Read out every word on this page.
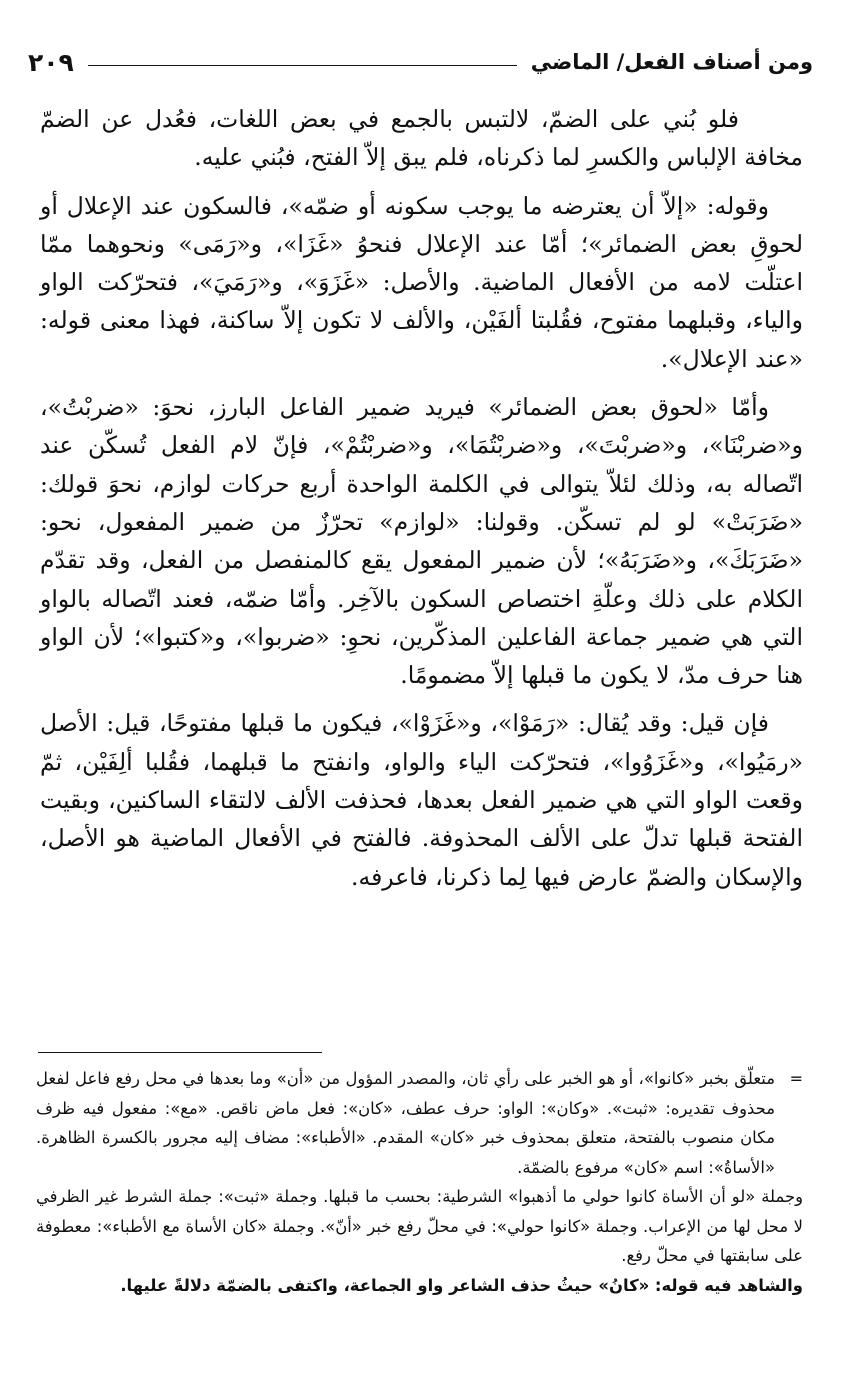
ومن أصناف الفعل/ الماضي
٢٠٩

فلو بُني على الضمّ، لالتبس بالجمع في بعض اللغات، فعُدل عن الضمّ مخافة الإلباس والكسرِ لما ذكرناه، فلم يبق إلاّ الفتح، فبُني عليه.

وقوله: «إلاّ أن يعترضه ما يوجب سكونه أو ضمّه»، فالسكون عند الإعلال أو لحوقِ بعض الضمائر»؛ أمّا عند الإعلال فنحوُ «غَزَا»، و«رَمَى» ونحوهما ممّا اعتلّت لامه من الأفعال الماضية. والأصل: «غَزَوَ»، و«رَمَيَ»، فتحرّكت الواو والياء، وقبلهما مفتوح، فقُلبتا ألفَيْن، والألف لا تكون إلاّ ساكنة، فهذا معنى قوله: «عند الإعلال».

وأمّا «لحوق بعض الضمائر» فيريد ضمير الفاعل البارز، نحوَ: «ضربْتُ»، و«ضربْنَا»، و«ضربْتَ»، و«ضربْتُمَا»، و«ضربْتُمْ»، فإنّ لام الفعل تُسكّن عند اتّصاله به، وذلك لئلاّ يتوالى في الكلمة الواحدة أربع حركات لوازم، نحوَ قولك: «ضَرَبَتْ» لو لم تسكّن. وقولنا: «لوازم» تحرّزٌ من ضمير المفعول، نحو: «ضَرَبَكَ»، و«ضَرَبَهُ»؛ لأن ضمير المفعول يقع كالمنفصل من الفعل، وقد تقدّم الكلام على ذلك وعلّةِ اختصاص السكون بالآخِر. وأمّا ضمّه، فعند اتّصاله بالواو التي هي ضمير جماعة الفاعلين المذكّرين، نحوِ: «ضربوا»، و«كتبوا»؛ لأن الواو هنا حرف مدّ، لا يكون ما قبلها إلاّ مضمومًا.

فإن قيل: وقد يُقال: «رَمَوْا»، و«غَزَوْا»، فيكون ما قبلها مفتوحًا، قيل: الأصل «رمَيُوا»، و«غَزَوُوا»، فتحرّكت الياء والواو، وانفتح ما قبلهما، فقُلبا ألِفَيْن، ثمّ وقعت الواو التي هي ضمير الفعل بعدها، فحذفت الألف لالتقاء الساكنين، وبقيت الفتحة قبلها تدلّ على الألف المحذوفة. فالفتح في الأفعال الماضية هو الأصل، والإسكان والضمّ عارض فيها لِما ذكرنا، فاعرفه.

=

متعلّق بخبر «كانوا»، أو هو الخبر على رأي ثان، والمصدر المؤول من «أن» وما بعدها في محل رفع فاعل لفعل محذوف تقديره: «ثبت». «وكان»: الواو: حرف عطف، «كان»: فعل ماض ناقص. «مع»: مفعول فيه ظرف مكان منصوب بالفتحة، متعلق بمحذوف خبر «كان» المقدم. «الأطباء»: مضاف إليه مجرور بالكسرة الظاهرة. «الأساةُ»: اسم «كان» مرفوع بالضمّة.

وجملة «لو أن الأساة كانوا حولي ما أذهبوا» الشرطية: بحسب ما قبلها. وجملة «ثبت»: جملة الشرط غير الظرفي لا محل لها من الإعراب. وجملة «كانوا حولي»: في محلّ رفع خبر «أنّ». وجملة «كان الأساة مع الأطباء»: معطوفة على سابقتها في محلّ رفع.

والشاهد فيه قوله: «كانُ» حيثُ حذف الشاعر واو الجماعة، واكتفى بالضمّة دلالةً عليها.
